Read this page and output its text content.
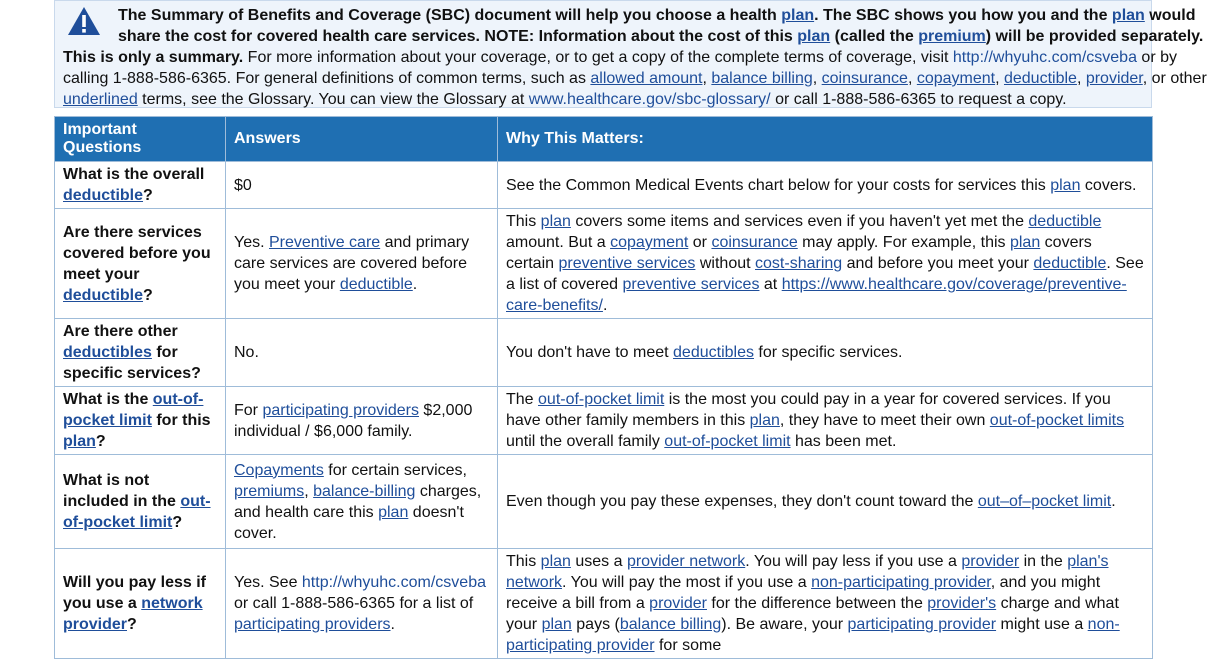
The Summary of Benefits and Coverage (SBC) document will help you choose a health plan. The SBC shows you how you and the plan would
share the cost for covered health care services. NOTE: Information about the cost of this plan (called the premium) will be provided separately.
This is only a summary. For more information about your coverage, or to get a copy of the complete terms of coverage, visit http://whyuhc.com/csveba or by
calling 1-888-586-6365. For general definitions of common terms, such as allowed amount, balance billing, coinsurance, copayment, deductible, provider, or other
underlined terms, see the Glossary. You can view the Glossary at www.healthcare.gov/sbc-glossary/ or call 1-888-586-6365 to request a copy.
Important Questions	Answers	Why This Matters:
What is the overall deductible?	$0	See the Common Medical Events chart below for your costs for services this plan covers.
Are there services covered before you meet your deductible?	Yes. Preventive care and primary care services are covered before you meet your deductible.	This plan covers some items and services even if you haven't yet met the deductible amount. But a copayment or coinsurance may apply. For example, this plan covers certain preventive services without cost-sharing and before you meet your deductible. See a list of covered preventive services at https://www.healthcare.gov/coverage/preventive-care-benefits/.
Are there other deductibles for specific services?	No.	You don't have to meet deductibles for specific services.
What is the out-of-pocket limit for this plan?	For participating providers $2,000 individual / $6,000 family.	The out-of-pocket limit is the most you could pay in a year for covered services. If you have other family members in this plan, they have to meet their own out-of-pocket limits until the overall family out-of-pocket limit has been met.
What is not included in the out-of-pocket limit?	Copayments for certain services, premiums, balance-billing charges, and health care this plan doesn't cover.	Even though you pay these expenses, they don't count toward the out–of–pocket limit.
Will you pay less if you use a network provider?	Yes. See http://whyuhc.com/csveba or call 1-888-586-6365 for a list of participating providers.	This plan uses a provider network. You will pay less if you use a provider in the plan's network. You will pay the most if you use a non-participating provider, and you might receive a bill from a provider for the difference between the provider's charge and what your plan pays (balance billing). Be aware, your participating provider might use a non-participating provider for some
